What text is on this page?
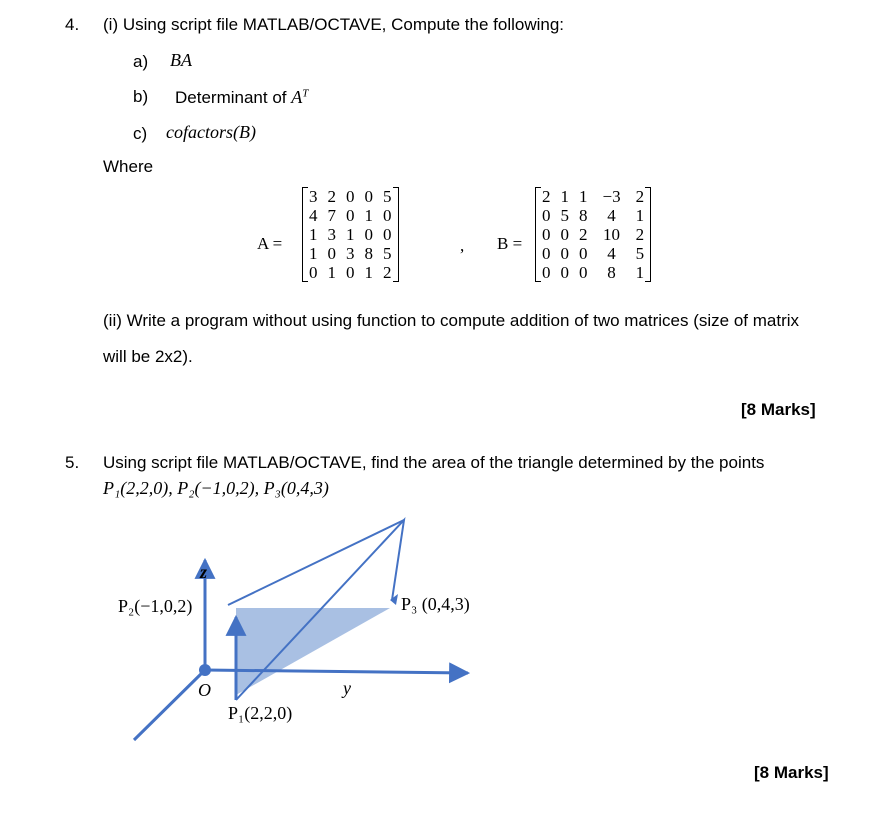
4. (i) Using script file MATLAB/OCTAVE, Compute the following:
a) BA
b) Determinant of $A^T$
c) cofactors(B)
Where
A =
3	2	0	0	5
4	7	0	1	0
1	3	1	0	0
1	0	3	8	5
0	1	0	1	2
, B =
2	1	1	−3	2
0	5	8	4	1
0	0	2	10	2
0	0	0	4	5
0	0	0	8	1
(ii) Write a program without using function to compute addition of two matrices (size of matrix
will be 2x2).
[8 Marks]
5. Using script file MATLAB/OCTAVE, find the area of the triangle determined by the points
P₁(2,2,0), P₂(−1,0,2), P₃(0,4,3)
z
P₂(−1,0,2)	P₃ (0,4,3)
O	y
P₁(2,2,0)
[8 Marks]
